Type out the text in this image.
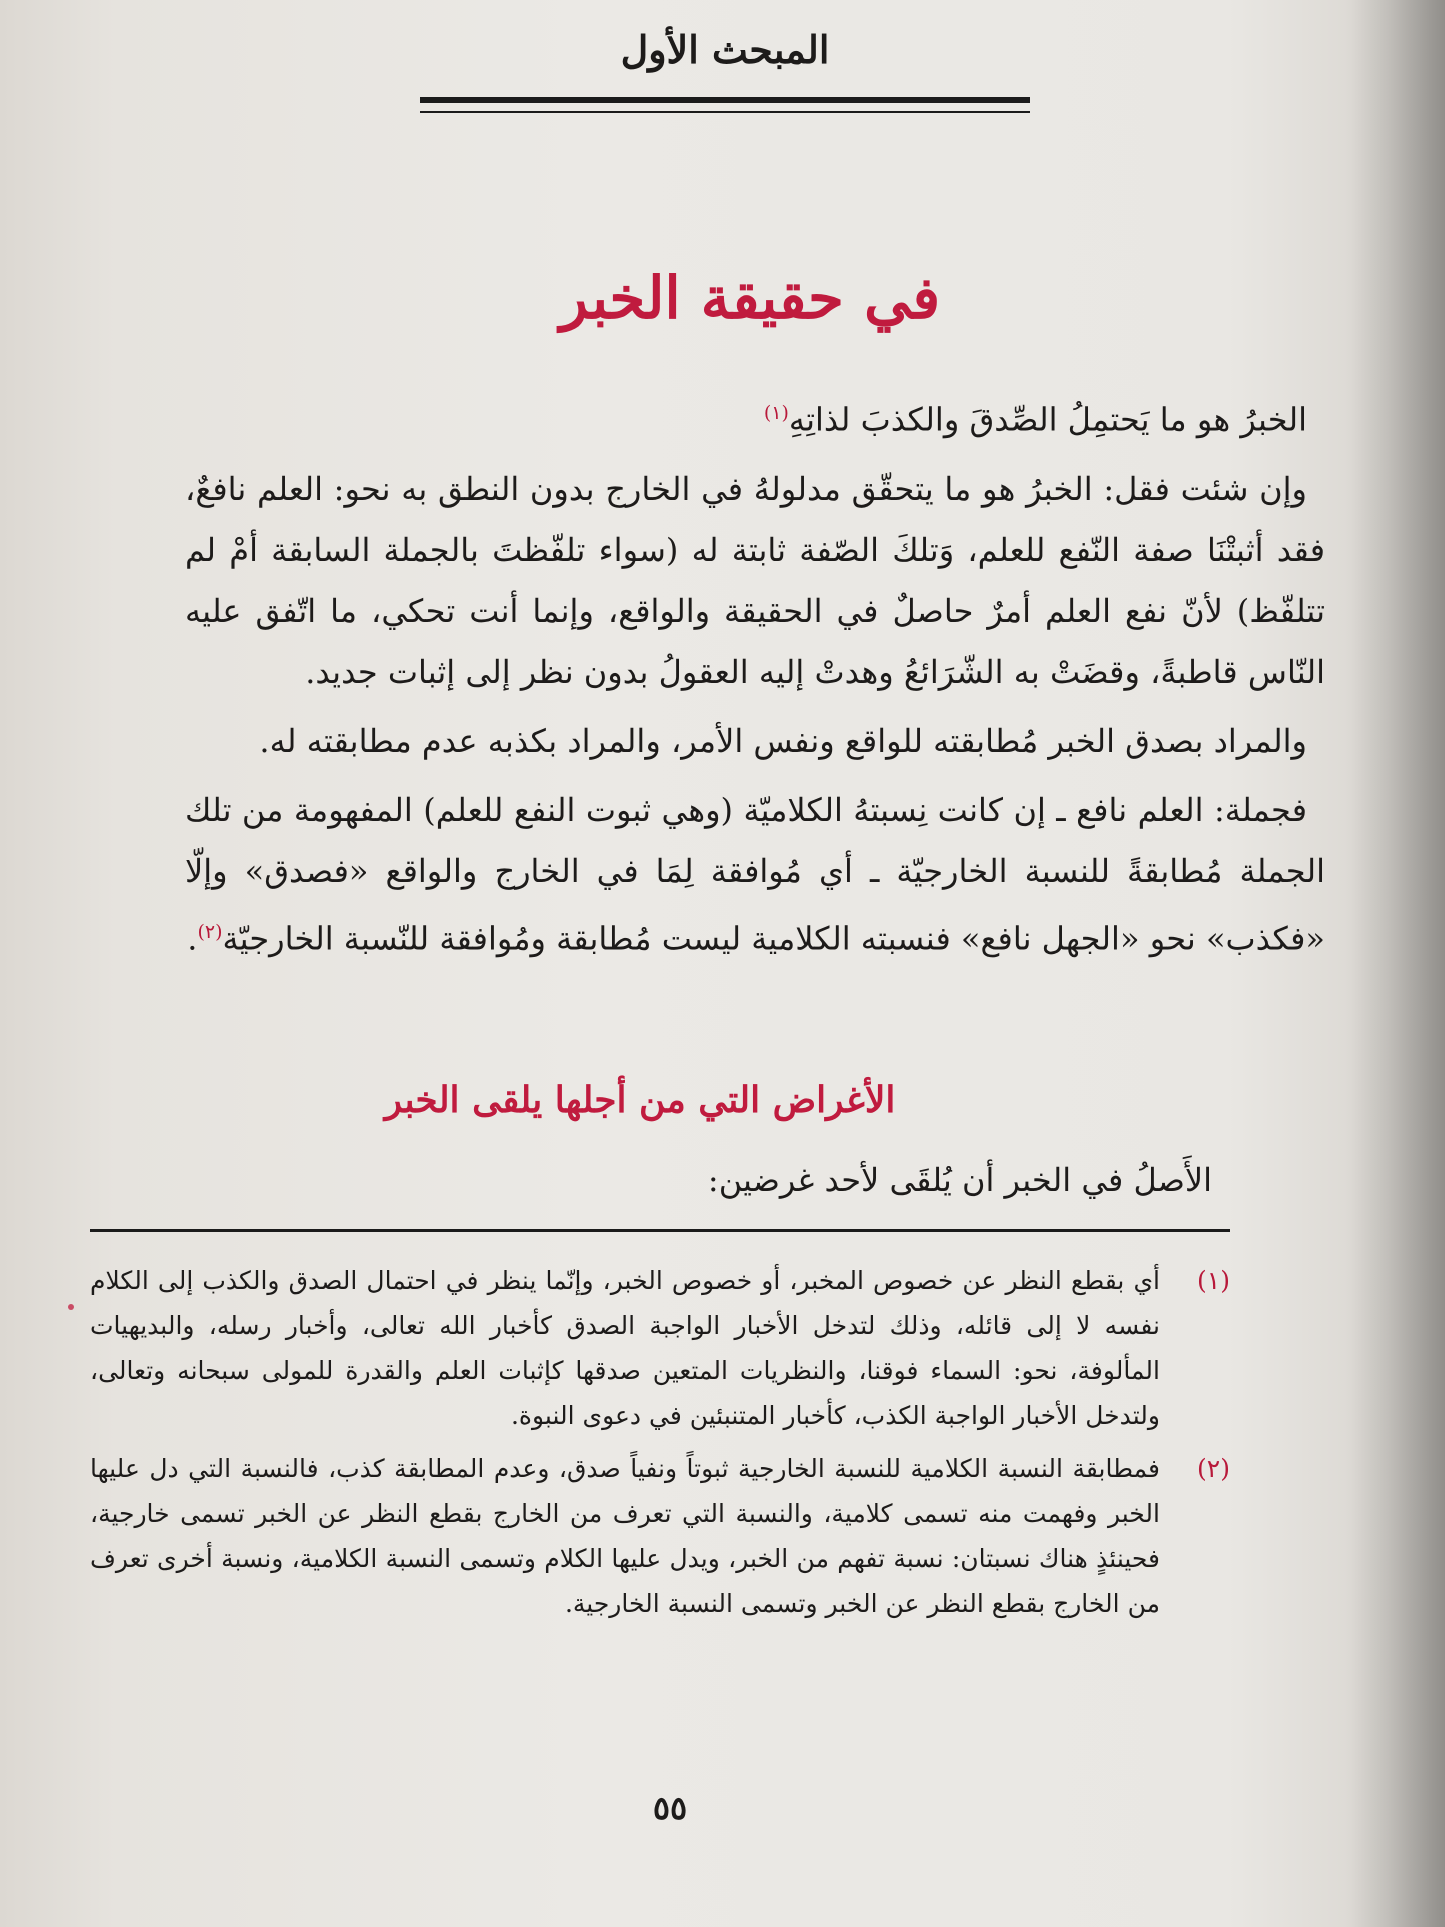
المبحث الأول
في حقيقة الخبر

الخبرُ هو ما يَحتمِلُ الصِّدقَ والكذبَ لذاتِهِ$^{(١)}$

وإن شئت فقل: الخبرُ هو ما يتحقّق مدلولهُ في الخارج بدون النطق به نحو: العلم نافعٌ، فقد أثبتْنَا صفة النّفع للعلم، وَتلكَ الصّفة ثابتة له (سواء تلفّظتَ بالجملة السابقة أمْ لم تتلفّظ) لأنّ نفع العلم أمرٌ حاصلٌ في الحقيقة والواقع، وإنما أنت تحكي، ما اتّفق عليه النّاس قاطبةً، وقضَتْ به الشّرَائعُ وهدتْ إليه العقولُ بدون نظر إلى إثبات جديد.

والمراد بصدق الخبر مُطابقته للواقع ونفس الأمر، والمراد بكذبه عدم مطابقته له.

فجملة: العلم نافع ـ إن كانت نِسبتهُ الكلاميّة (وهي ثبوت النفع للعلم) المفهومة من تلك الجملة مُطابقةً للنسبة الخارجيّة ـ أي مُوافقة لِمَا في الخارج والواقع «فصدق» وإلّا «فكذب» نحو «الجهل نافع» فنسبته الكلامية ليست مُطابقة ومُوافقة للنّسبة الخارجيّة$^{(٢)}$.

الأغراض التي من أجلها يلقى الخبر
الأَصلُ في الخبر أن يُلقَى لأحد غرضين:
(١)
أي بقطع النظر عن خصوص المخبر، أو خصوص الخبر، وإنّما ينظر في احتمال الصدق والكذب إلى الكلام نفسه لا إلى قائله، وذلك لتدخل الأخبار الواجبة الصدق كأخبار الله تعالى، وأخبار رسله، والبديهيات المألوفة، نحو: السماء فوقنا، والنظريات المتعين صدقها كإثبات العلم والقدرة للمولى سبحانه وتعالى، ولتدخل الأخبار الواجبة الكذب، كأخبار المتنبئين في دعوى النبوة.
(٢)
فمطابقة النسبة الكلامية للنسبة الخارجية ثبوتاً ونفياً صدق، وعدم المطابقة كذب، فالنسبة التي دل عليها الخبر وفهمت منه تسمى كلامية، والنسبة التي تعرف من الخارج بقطع النظر عن الخبر تسمى خارجية، فحينئذٍ هناك نسبتان: نسبة تفهم من الخبر، ويدل عليها الكلام وتسمى النسبة الكلامية، ونسبة أخرى تعرف من الخارج بقطع النظر عن الخبر وتسمى النسبة الخارجية.
٥٥
